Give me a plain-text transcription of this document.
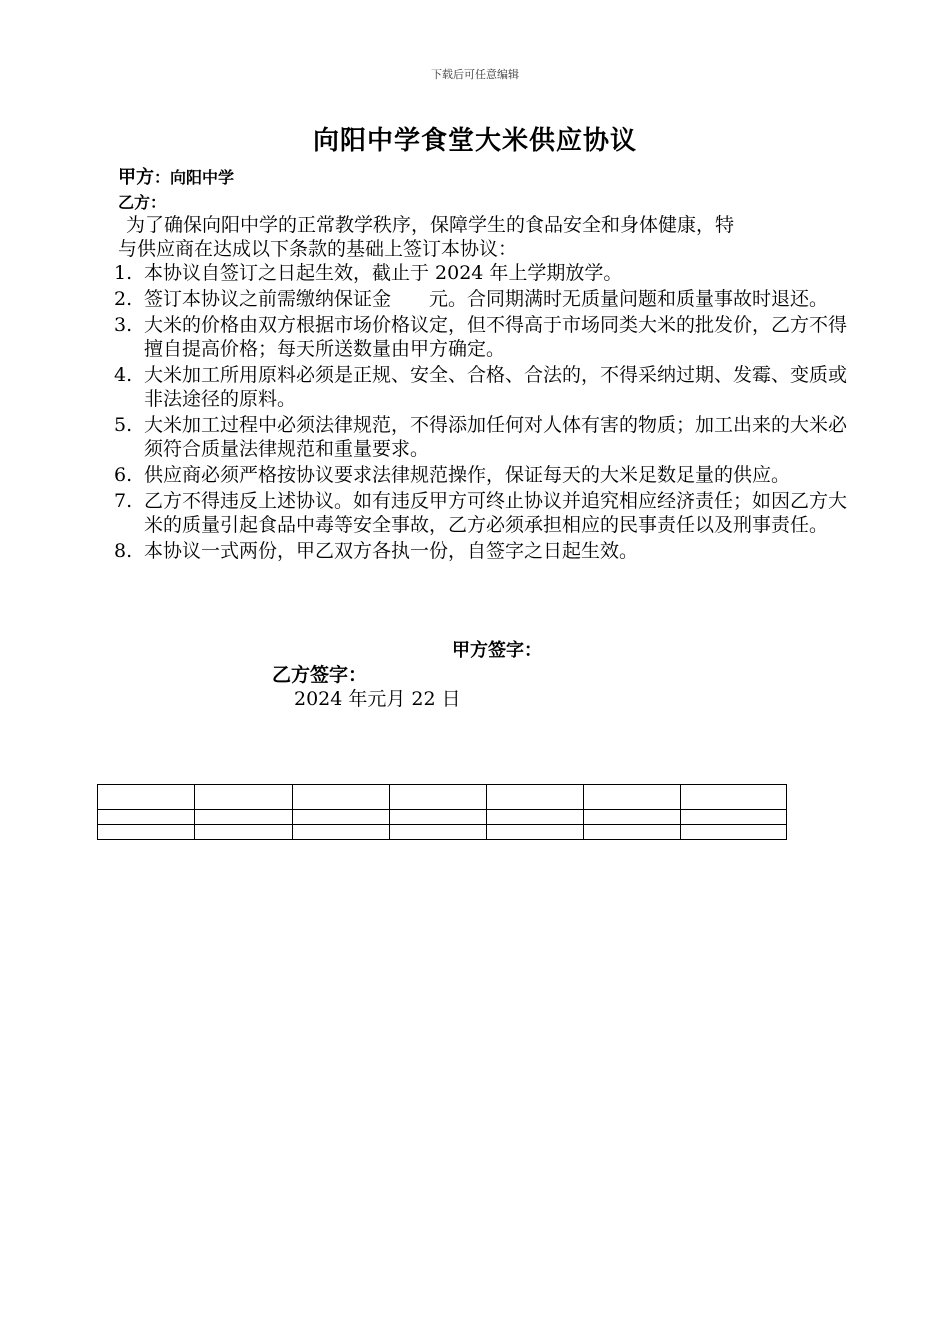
下载后可任意编辑
向阳中学食堂大米供应协议
甲方：向阳中学
乙方：
为了确保向阳中学的正常教学秩序，保障学生的食品安全和身体健康，特
与供应商在达成以下条款的基础上签订本协议：
1. 本协议自签订之日起生效，截止于 2024 年上学期放学。
2. 签订本协议之前需缴纳保证金　　元。合同期满时无质量问题和质量事故时退还。
3. 大米的价格由双方根据市场价格议定，但不得高于市场同类大米的批发价，乙方不得擅自提高价格；每天所送数量由甲方确定。
4. 大米加工所用原料必须是正规、安全、合格、合法的，不得采纳过期、发霉、变质或非法途径的原料。
5. 大米加工过程中必须法律规范，不得添加任何对人体有害的物质；加工出来的大米必须符合质量法律规范和重量要求。
6. 供应商必须严格按协议要求法律规范操作，保证每天的大米足数足量的供应。
7. 乙方不得违反上述协议。如有违反甲方可终止协议并追究相应经济责任；如因乙方大米的质量引起食品中毒等安全事故，乙方必须承担相应的民事责任以及刑事责任。
8. 本协议一式两份，甲乙双方各执一份，自签字之日起生效。
甲方签字：
乙方签字：
2024 年元月 22 日
